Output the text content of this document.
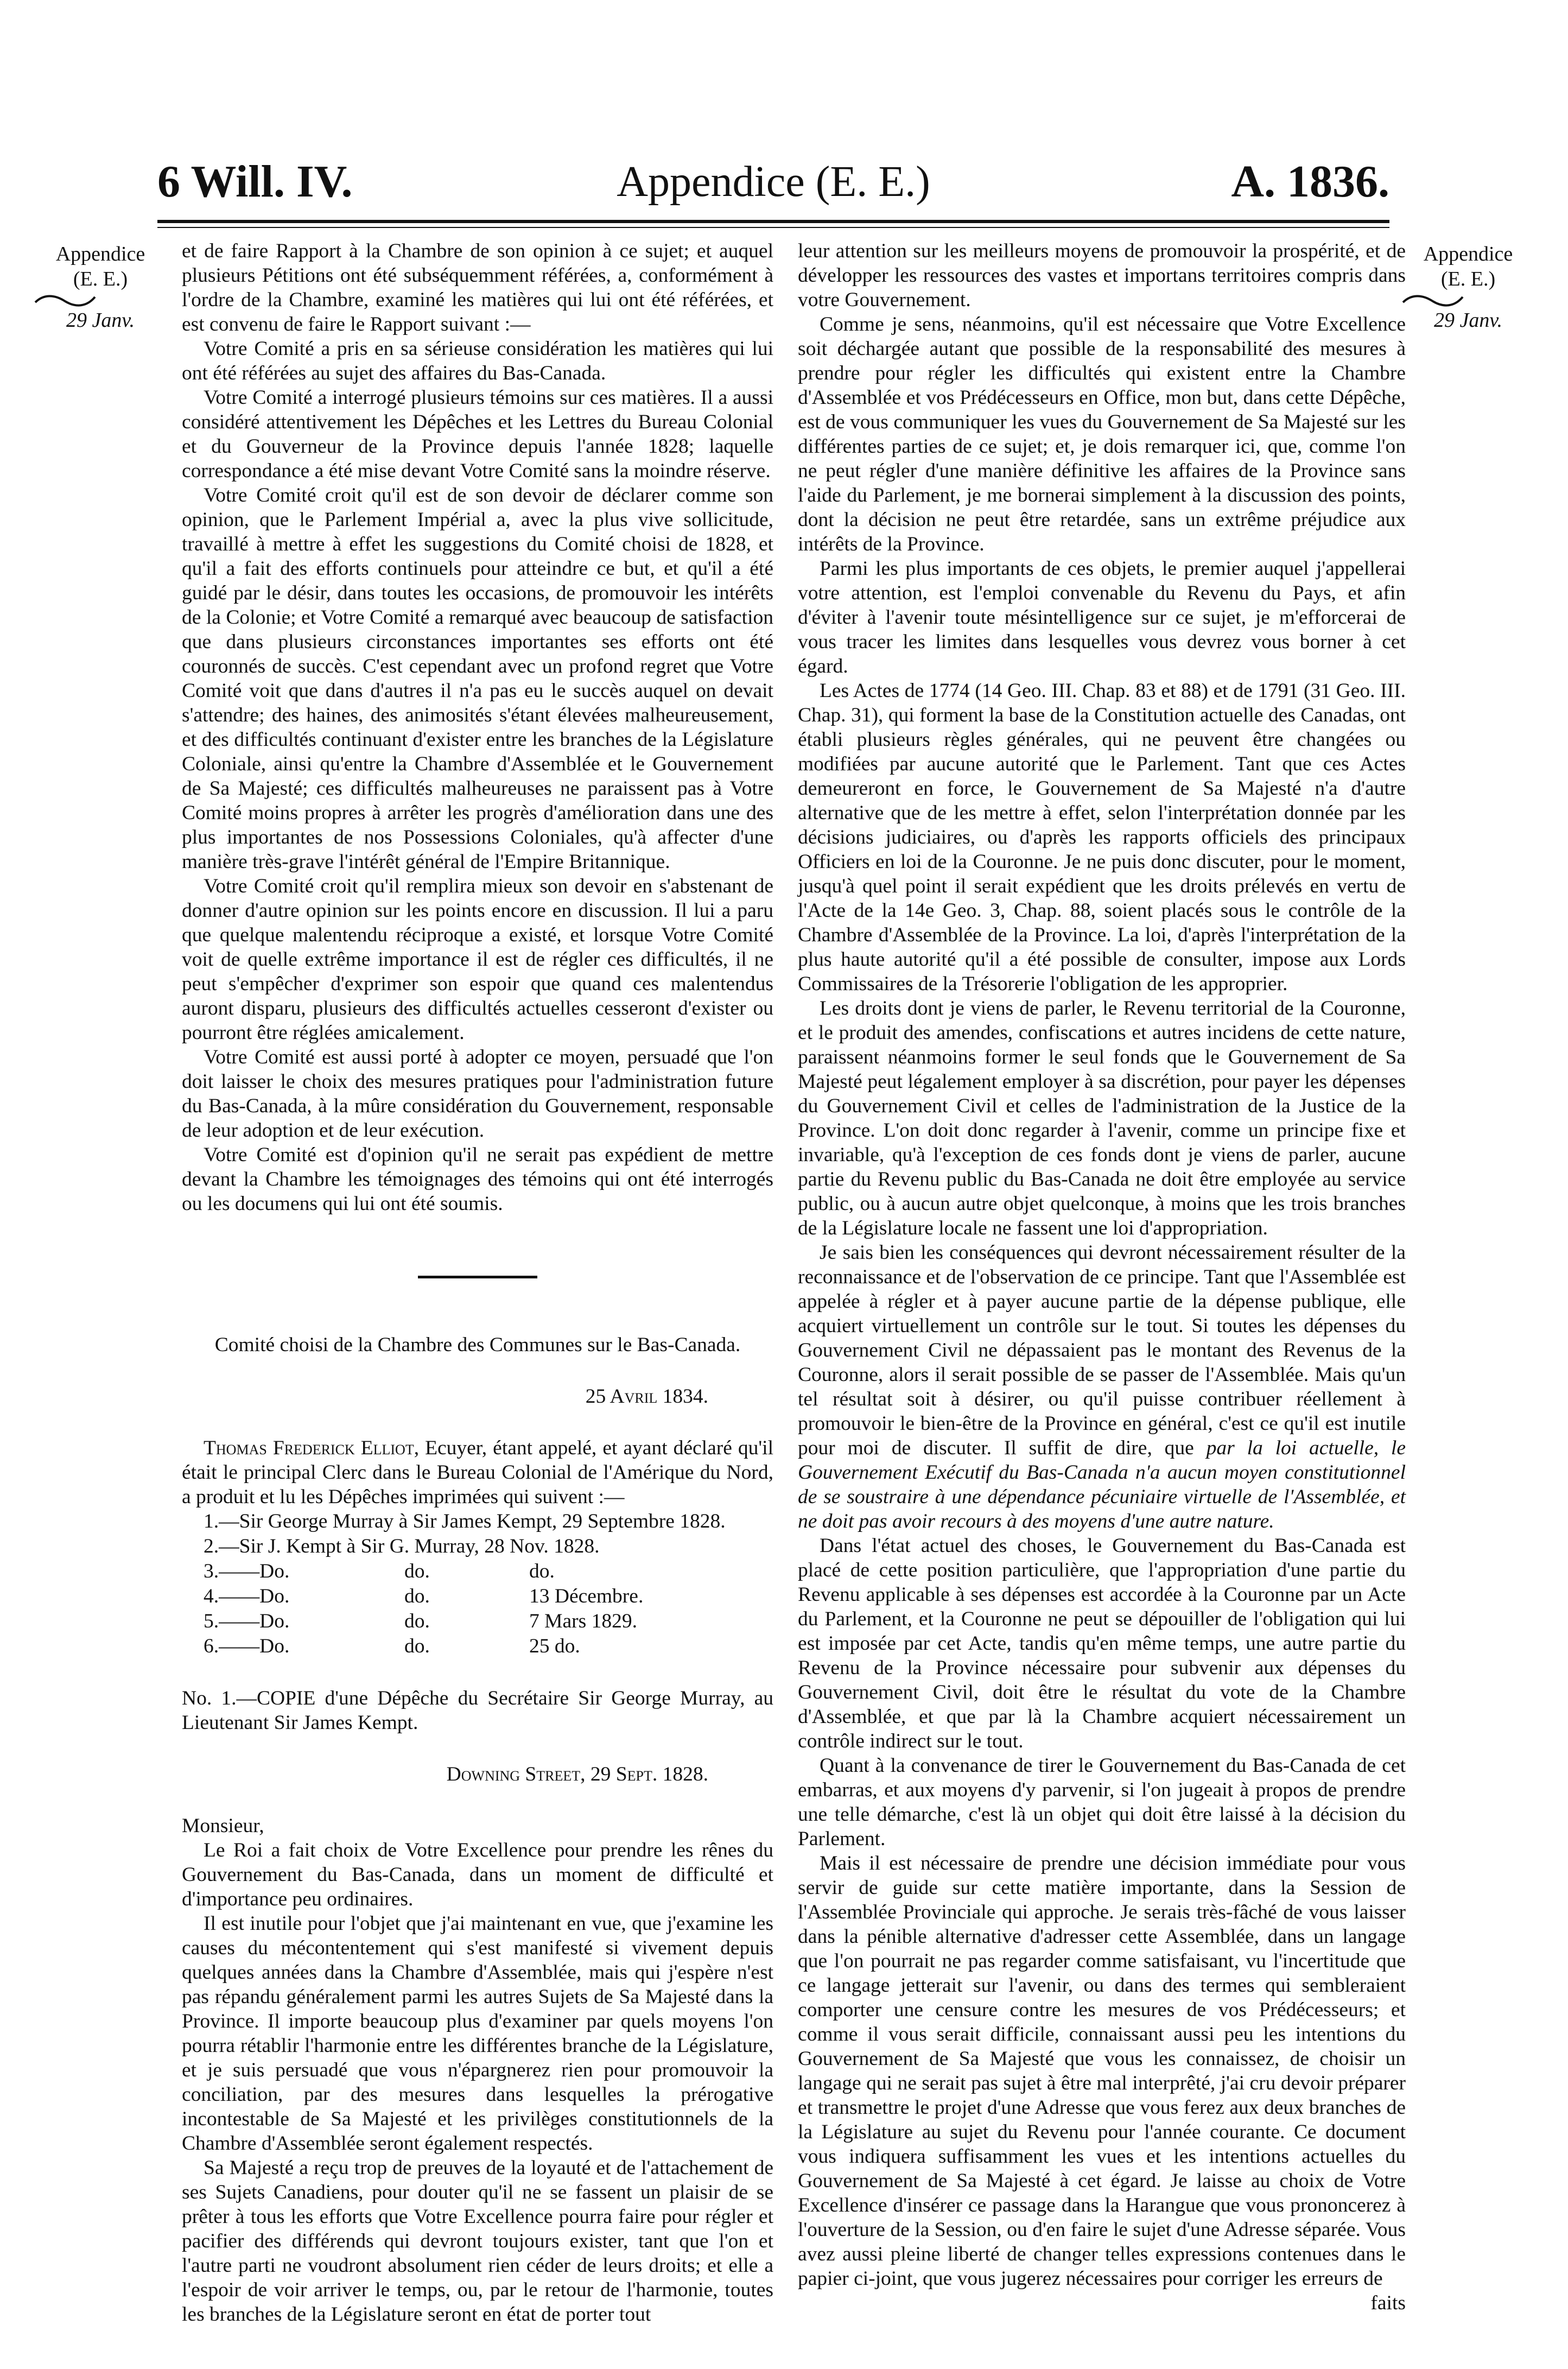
6 Will. IV.	Appendice (E. E.)	A. 1836.
Appendice
(E. E.)
29 Janv.
Appendice
(E. E.)
29 Janv.

et de faire Rapport à la Chambre de son opinion à ce sujet; et auquel plusieurs Pétitions ont été subséquemment référées, a, conformément à l'ordre de la Chambre, examiné les matières qui lui ont été référées, et est convenu de faire le Rapport suivant :—

Votre Comité a pris en sa sérieuse considération les matières qui lui ont été référées au sujet des affaires du Bas-Canada.

Votre Comité a interrogé plusieurs témoins sur ces matières. Il a aussi considéré attentivement les Dépêches et les Lettres du Bureau Colonial et du Gouverneur de la Province depuis l'année 1828; laquelle correspondance a été mise devant Votre Comité sans la moindre réserve.

Votre Comité croit qu'il est de son devoir de déclarer comme son opinion, que le Parlement Impérial a, avec la plus vive sollicitude, travaillé à mettre à effet les suggestions du Comité choisi de 1828, et qu'il a fait des efforts continuels pour atteindre ce but, et qu'il a été guidé par le désir, dans toutes les occasions, de promouvoir les intérêts de la Colonie; et Votre Comité a remarqué avec beaucoup de satisfaction que dans plusieurs circonstances importantes ses efforts ont été couronnés de succès. C'est cependant avec un profond regret que Votre Comité voit que dans d'autres il n'a pas eu le succès auquel on devait s'attendre; des haines, des animosités s'étant élevées malheureusement, et des difficultés continuant d'exister entre les branches de la Législature Coloniale, ainsi qu'entre la Chambre d'Assemblée et le Gouvernement de Sa Majesté; ces difficultés malheureuses ne paraissent pas à Votre Comité moins propres à arrêter les progrès d'amélioration dans une des plus importantes de nos Possessions Coloniales, qu'à affecter d'une manière très-grave l'intérêt général de l'Empire Britannique.

Votre Comité croit qu'il remplira mieux son devoir en s'abstenant de donner d'autre opinion sur les points encore en discussion. Il lui a paru que quelque malentendu réciproque a existé, et lorsque Votre Comité voit de quelle extrême importance il est de régler ces difficultés, il ne peut s'empêcher d'exprimer son espoir que quand ces malentendus auront disparu, plusieurs des difficultés actuelles cesseront d'exister ou pourront être réglées amicalement.

Votre Comité est aussi porté à adopter ce moyen, persuadé que l'on doit laisser le choix des mesures pratiques pour l'administration future du Bas-Canada, à la mûre considération du Gouvernement, responsable de leur adoption et de leur exécution.

Votre Comité est d'opinion qu'il ne serait pas expédient de mettre devant la Chambre les témoignages des témoins qui ont été interrogés ou les documens qui lui ont été soumis.

Comité choisi de la Chambre des Communes sur le Bas-Canada.

25 Avril 1834.

Thomas Frederick Elliot, Ecuyer, étant appelé, et ayant déclaré qu'il était le principal Clerc dans le Bureau Colonial de l'Amérique du Nord, a produit et lu les Dépêches imprimées qui suivent :—

1.—Sir George Murray à Sir James Kempt, 29 Septembre 1828.
2.—Sir J. Kempt à Sir G. Murray, 28 Nov. 1828.
3.——Do.	do.	do.
4.——Do.	do.	13 Décembre.
5.——Do.	do.	7 Mars 1829.
6.——Do.	do.	25 do.

No. 1.—COPIE d'une Dépêche du Secrétaire Sir George Murray, au Lieutenant Sir James Kempt.

Downing Street, 29 Sept. 1828.

Monsieur,

Le Roi a fait choix de Votre Excellence pour prendre les rênes du Gouvernement du Bas-Canada, dans un moment de difficulté et d'importance peu ordinaires.

Il est inutile pour l'objet que j'ai maintenant en vue, que j'examine les causes du mécontentement qui s'est manifesté si vivement depuis quelques années dans la Chambre d'Assemblée, mais qui j'espère n'est pas répandu généralement parmi les autres Sujets de Sa Majesté dans la Province. Il importe beaucoup plus d'examiner par quels moyens l'on pourra rétablir l'harmonie entre les différentes branche de la Législature, et je suis persuadé que vous n'épargnerez rien pour promouvoir la conciliation, par des mesures dans lesquelles la prérogative incontestable de Sa Majesté et les privilèges constitutionnels de la Chambre d'Assemblée seront également respectés.

Sa Majesté a reçu trop de preuves de la loyauté et de l'attachement de ses Sujets Canadiens, pour douter qu'il ne se fassent un plaisir de se prêter à tous les efforts que Votre Excellence pourra faire pour régler et pacifier des différends qui devront toujours exister, tant que l'on et l'autre parti ne voudront absolument rien céder de leurs droits; et elle a l'espoir de voir arriver le temps, ou, par le retour de l'harmonie, toutes les branches de la Législature seront en état de porter tout

leur attention sur les meilleurs moyens de promouvoir la prospérité, et de développer les ressources des vastes et importans territoires compris dans votre Gouvernement.

Comme je sens, néanmoins, qu'il est nécessaire que Votre Excellence soit déchargée autant que possible de la responsabilité des mesures à prendre pour régler les difficultés qui existent entre la Chambre d'Assemblée et vos Prédécesseurs en Office, mon but, dans cette Dépêche, est de vous communiquer les vues du Gouvernement de Sa Majesté sur les différentes parties de ce sujet; et, je dois remarquer ici, que, comme l'on ne peut régler d'une manière définitive les affaires de la Province sans l'aide du Parlement, je me bornerai simplement à la discussion des points, dont la décision ne peut être retardée, sans un extrême préjudice aux intérêts de la Province.

Parmi les plus importants de ces objets, le premier auquel j'appellerai votre attention, est l'emploi convenable du Revenu du Pays, et afin d'éviter à l'avenir toute mésintelligence sur ce sujet, je m'efforcerai de vous tracer les limites dans lesquelles vous devrez vous borner à cet égard.

Les Actes de 1774 (14 Geo. III. Chap. 83 et 88) et de 1791 (31 Geo. III. Chap. 31), qui forment la base de la Constitution actuelle des Canadas, ont établi plusieurs règles générales, qui ne peuvent être changées ou modifiées par aucune autorité que le Parlement. Tant que ces Actes demeureront en force, le Gouvernement de Sa Majesté n'a d'autre alternative que de les mettre à effet, selon l'interprétation donnée par les décisions judiciaires, ou d'après les rapports officiels des principaux Officiers en loi de la Couronne. Je ne puis donc discuter, pour le moment, jusqu'à quel point il serait expédient que les droits prélevés en vertu de l'Acte de la 14e Geo. 3, Chap. 88, soient placés sous le contrôle de la Chambre d'Assemblée de la Province. La loi, d'après l'interprétation de la plus haute autorité qu'il a été possible de consulter, impose aux Lords Commissaires de la Trésorerie l'obligation de les approprier.

Les droits dont je viens de parler, le Revenu territorial de la Couronne, et le produit des amendes, confiscations et autres incidens de cette nature, paraissent néanmoins former le seul fonds que le Gouvernement de Sa Majesté peut légalement employer à sa discrétion, pour payer les dépenses du Gouvernement Civil et celles de l'administration de la Justice de la Province. L'on doit donc regarder à l'avenir, comme un principe fixe et invariable, qu'à l'exception de ces fonds dont je viens de parler, aucune partie du Revenu public du Bas-Canada ne doit être employée au service public, ou à aucun autre objet quelconque, à moins que les trois branches de la Législature locale ne fassent une loi d'appropriation.

Je sais bien les conséquences qui devront nécessairement résulter de la reconnaissance et de l'observation de ce principe. Tant que l'Assemblée est appelée à régler et à payer aucune partie de la dépense publique, elle acquiert virtuellement un contrôle sur le tout. Si toutes les dépenses du Gouvernement Civil ne dépassaient pas le montant des Revenus de la Couronne, alors il serait possible de se passer de l'Assemblée. Mais qu'un tel résultat soit à désirer, ou qu'il puisse contribuer réellement à promouvoir le bien-être de la Province en général, c'est ce qu'il est inutile pour moi de discuter. Il suffit de dire, que par la loi actuelle, le Gouvernement Exécutif du Bas-Canada n'a aucun moyen constitutionnel de se soustraire à une dépendance pécuniaire virtuelle de l'Assemblée, et ne doit pas avoir recours à des moyens d'une autre nature.

Dans l'état actuel des choses, le Gouvernement du Bas-Canada est placé de cette position particulière, que l'appropriation d'une partie du Revenu applicable à ses dépenses est accordée à la Couronne par un Acte du Parlement, et la Couronne ne peut se dépouiller de l'obligation qui lui est imposée par cet Acte, tandis qu'en même temps, une autre partie du Revenu de la Province nécessaire pour subvenir aux dépenses du Gouvernement Civil, doit être le résultat du vote de la Chambre d'Assemblée, et que par là la Chambre acquiert nécessairement un contrôle indirect sur le tout.

Quant à la convenance de tirer le Gouvernement du Bas-Canada de cet embarras, et aux moyens d'y parvenir, si l'on jugeait à propos de prendre une telle démarche, c'est là un objet qui doit être laissé à la décision du Parlement.

Mais il est nécessaire de prendre une décision immédiate pour vous servir de guide sur cette matière importante, dans la Session de l'Assemblée Provinciale qui approche. Je serais très-fâché de vous laisser dans la pénible alternative d'adresser cette Assemblée, dans un langage que l'on pourrait ne pas regarder comme satisfaisant, vu l'incertitude que ce langage jetterait sur l'avenir, ou dans des termes qui sembleraient comporter une censure contre les mesures de vos Prédécesseurs; et comme il vous serait difficile, connaissant aussi peu les intentions du Gouvernement de Sa Majesté que vous les connaissez, de choisir un langage qui ne serait pas sujet à être mal interprêté, j'ai cru devoir préparer et transmettre le projet d'une Adresse que vous ferez aux deux branches de la Législature au sujet du Revenu pour l'année courante. Ce document vous indiquera suffisamment les vues et les intentions actuelles du Gouvernement de Sa Majesté à cet égard. Je laisse au choix de Votre Excellence d'insérer ce passage dans la Harangue que vous prononcerez à l'ouverture de la Session, ou d'en faire le sujet d'une Adresse séparée. Vous avez aussi pleine liberté de changer telles expressions contenues dans le papier ci-joint, que vous jugerez nécessaires pour corriger les erreurs de

faits
